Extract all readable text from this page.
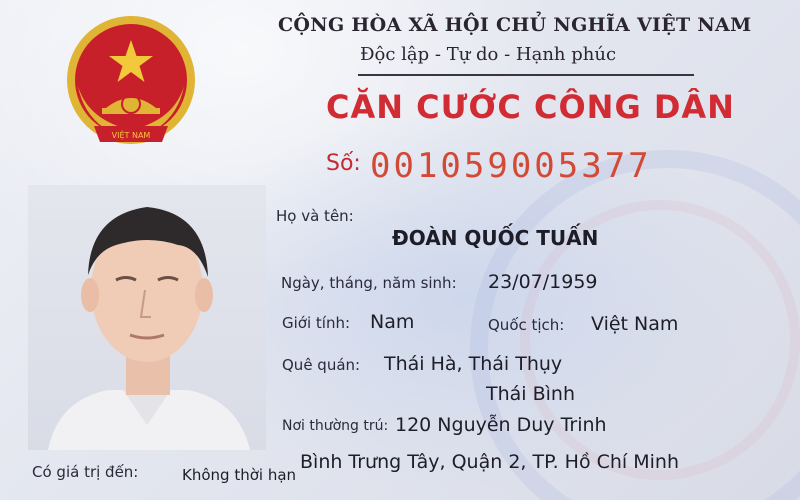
VIỆT NAM
CỘNG HÒA XÃ HỘI CHỦ NGHĨA VIỆT NAM
Độc lập - Tự do - Hạnh phúc
CĂN CƯỚC CÔNG DÂN
Số: 001059005377
Họ và tên:
ĐOÀN QUỐC TUẤN
Ngày, tháng, năm sinh: 23/07/1959
Giới tính: Nam	Quốc tịch: Việt Nam
Quê quán: Thái Hà, Thái Thụy
Thái Bình
Nơi thường trú: 120 Nguyễn Duy Trinh
Bình Trưng Tây, Quận 2, TP. Hồ Chí Minh
Có giá trị đến:	Không thời hạn
